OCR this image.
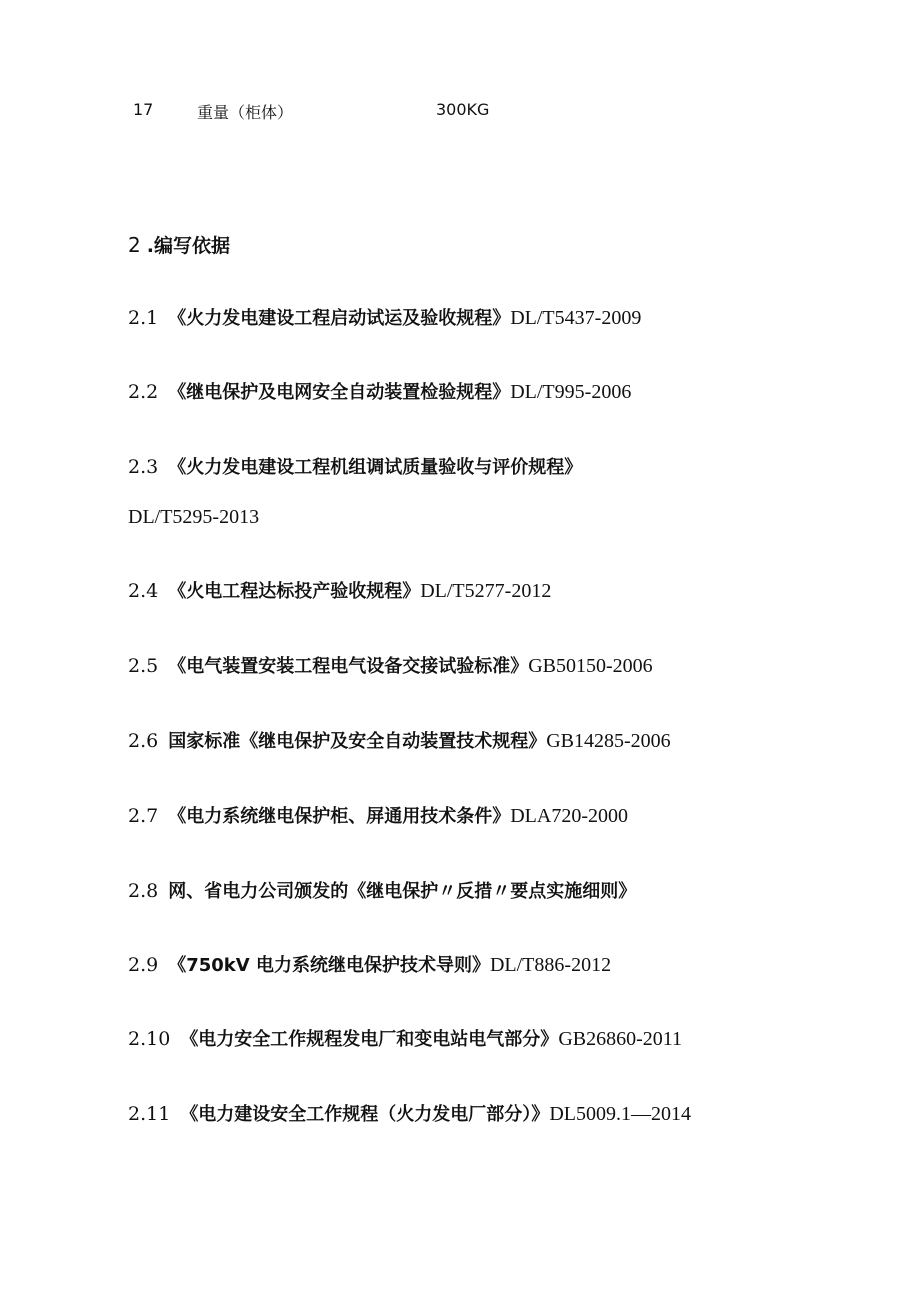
17	重量（柜体）	300KG
2 .编写依据
2.1 《火力发电建设工程启动试运及验收规程》DL/T5437-2009
2.2 《继电保护及电网安全自动装置检验规程》DL/T995-2006
2.3 《火力发电建设工程机组调试质量验收与评价规程》
DL/T5295-2013
2.4 《火电工程达标投产验收规程》DL/T5277-2012
2.5 《电气装置安装工程电气设备交接试验标准》GB50150-2006
2.6 国家标准《继电保护及安全自动装置技术规程》GB14285-2006
2.7 《电力系统继电保护柜、屏通用技术条件》DLA720-2000
2.8 网、省电力公司颁发的《继电保护〃反措〃要点实施细则》
2.9 《750kV 电力系统继电保护技术导则》DL/T886-2012
2.10 《电力安全工作规程发电厂和变电站电气部分》GB26860-2011
2.11 《电力建设安全工作规程（火力发电厂部分）》DL5009.1—2014
